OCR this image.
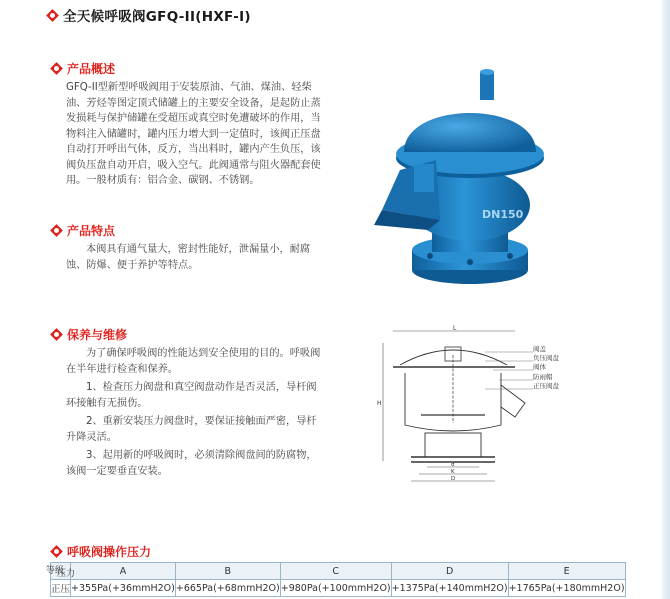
全天候呼吸阀GFQ-II(HXF-I)
产品概述

GFQ-II型新型呼吸阀用于安装原油、气油、煤油、轻柴油、芳烃等图定顶式储罐上的主要安全设备，是起防止蒸发损耗与保护储罐在受超压或真空时免遭破坏的作用，当物料注入储罐时，罐内压力增大到一定值时，该阀正压盘自动打开呼出气体，反方，当出料时，罐内产生负压，该阀负压盘自动开启，吸入空气。此阀通常与阻火器配套使用。一般材质有：铝合金、碳钢、不锈钢。

产品特点

本阀具有通气量大，密封性能好，泄漏量小，耐腐蚀、防爆、便于养护等特点。

保养与维修

为了确保呼吸阀的性能达到安全使用的目的。呼吸阀在半年进行检查和保养。

1、检查压力阀盘和真空阀盘动作是否灵活，导杆阀环接触有无损伤。

2、重新安装压力阀盘时，要保证接触面严密，导杆升降灵活。

3、起用新的呼吸阀时，必须清除阀盘间的防腐物，该阀一定要垂直安装。

DN150
L
H
d
K
D
阀盖
负压阀盘
阀体
防雨帽
正压阀盘
呼吸阀操作压力
等级
压力	A	B	C	D	E
正压	+355Pa(+36mmH2O)	+665Pa(+68mmH2O)	+980Pa(+100mmH2O)	+1375Pa(+140mmH2O)	+1765Pa(+180mmH2O)
